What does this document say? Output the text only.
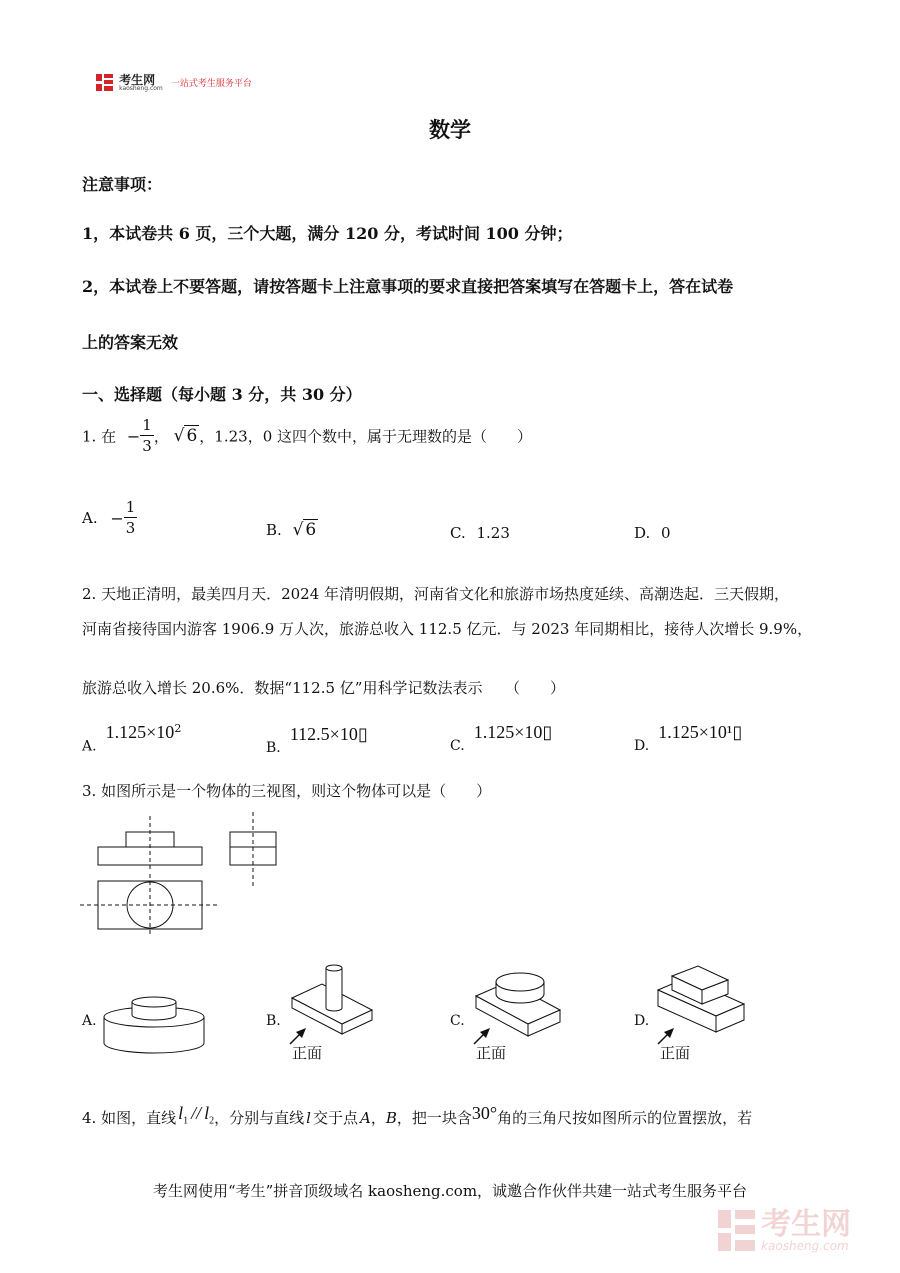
考生网
kaosheng.com 一站式考生服务平台
数学
注意事项：
1，本试卷共 6 页，三个大题，满分 120 分，考试时间 100 分钟；
2，本试卷上不要答题，请按答题卡上注意事项的要求直接把答案填写在答题卡上，答在试卷
上的答案无效
一、选择题（每小题 3 分，共 30 分）
1. 在 − $\frac{1}{3}$ ， √ 6 ，1.23，0 这四个数中，属于无理数的是（　　）
A. − $\frac{1}{3}$	B. √ 6	C. 1.23	D. 0
2. 天地正清明，最美四月天．2024 年清明假期，河南省文化和旅游市场热度延续、高潮迭起．三天假期，
河南省接待国内游客 1906.9 万人次，旅游总收入 112.5 亿元．与 2023 年同期相比，接待人次增长 9.9%，
旅游总收入增长 20.6%．数据“112.5 亿”用科学记数法表示　　（　　）
A. $1.125\times 10^2$
B. 112.5×10▯
C. 1.125×10▯
D. 1.125×10¹▯
3. 如图所示是一个物体的三视图，则这个物体可以是（　　）
A.	B.
正面
C.
正面
D.
正面
4. 如图，直线 $l_1 // l_2$，分别与直线 l 交于点 A，B，把一块含30°角的三角尺按如图所示的位置摆放，若
考生网使用“考生”拼音顶级域名 kaosheng.com，诚邀合作伙伴共建一站式考生服务平台

考生网
kaosheng.com
